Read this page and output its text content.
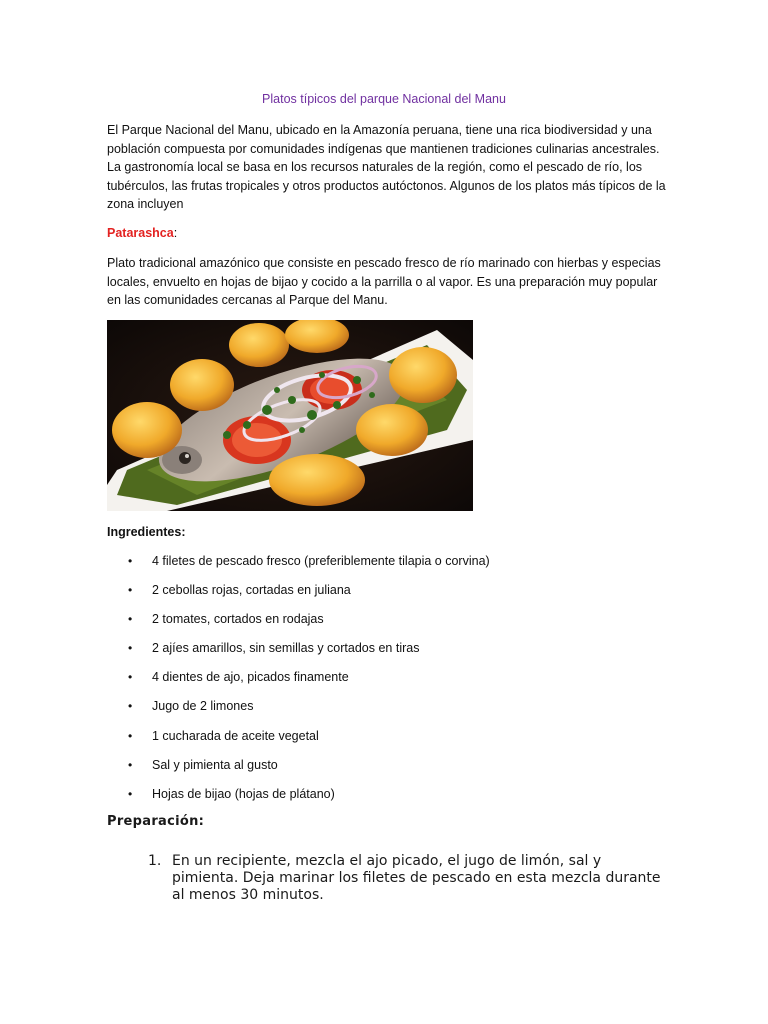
Platos típicos del parque Nacional del Manu

El Parque Nacional del Manu, ubicado en la Amazonía peruana, tiene una rica biodiversidad y una población compuesta por comunidades indígenas que mantienen tradiciones culinarias ancestrales. La gastronomía local se basa en los recursos naturales de la región, como el pescado de río, los tubérculos, las frutas tropicales y otros productos autóctonos. Algunos de los platos más típicos de la zona incluyen

Patarashca:

Plato tradicional amazónico que consiste en pescado fresco de río marinado con hierbas y especias locales, envuelto en hojas de bijao y cocido a la parrilla o al vapor. Es una preparación muy popular en las comunidades cercanas al Parque del Manu.

Ingredientes:
• 4 filetes de pescado fresco (preferiblemente tilapia o corvina)
• 2 cebollas rojas, cortadas en juliana
• 2 tomates, cortados en rodajas
• 2 ajíes amarillos, sin semillas y cortados en tiras
• 4 dientes de ajo, picados finamente
• Jugo de 2 limones
• 1 cucharada de aceite vegetal
• Sal y pimienta al gusto
• Hojas de bijao (hojas de plátano)
Preparación:
1. En un recipiente, mezcla el ajo picado, el jugo de limón, sal y pimienta. Deja marinar los filetes de pescado en esta mezcla durante al menos 30 minutos.
